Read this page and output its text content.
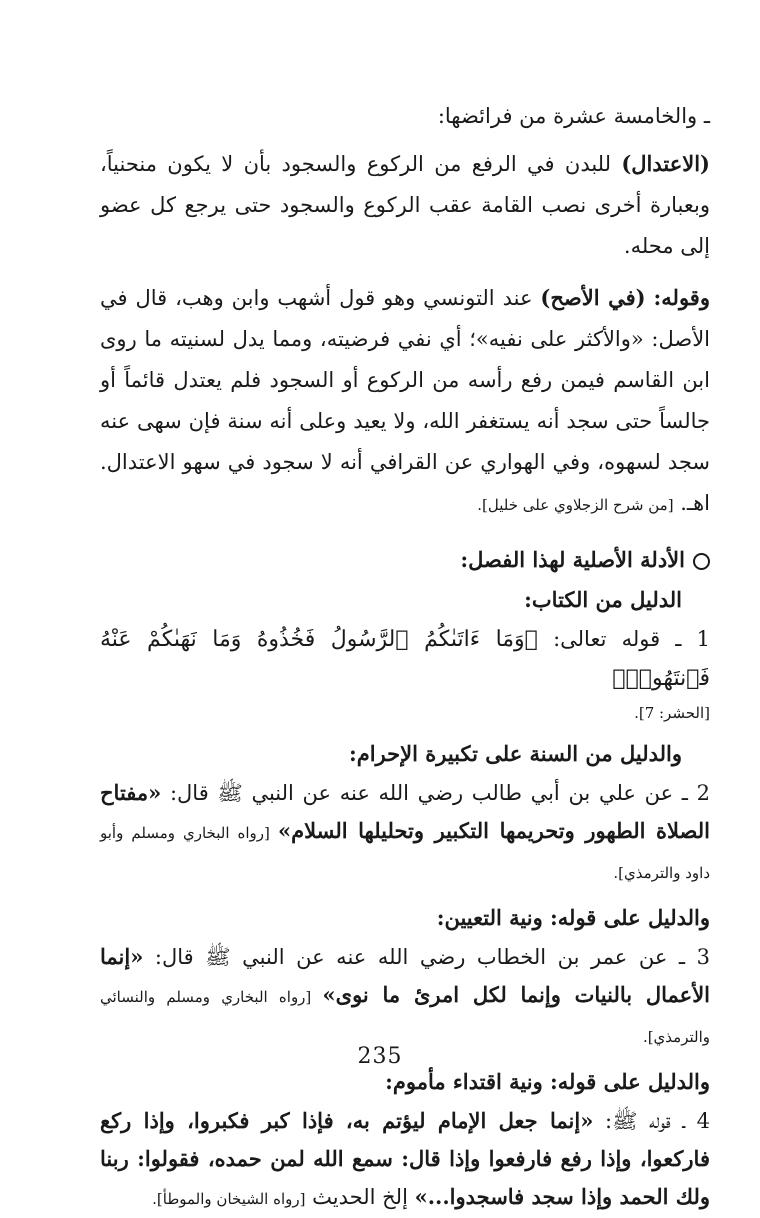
ـ والخامسة عشرة من فرائضها:

(الاعتدال) للبدن في الرفع من الركوع والسجود بأن لا يكون منحنياً، وبعبارة أخرى نصب القامة عقب الركوع والسجود حتى يرجع كل عضو إلى محله.

وقوله: (في الأصح) عند التونسي وهو قول أشهب وابن وهب، قال في الأصل: «والأكثر على نفيه»؛ أي نفي فرضيته، ومما يدل لسنيته ما روى ابن القاسم فيمن رفع رأسه من الركوع أو السجود فلم يعتدل قائماً أو جالساً حتى سجد أنه يستغفر الله، ولا يعيد وعلى أنه سنة فإن سهى عنه سجد لسهوه، وفي الهواري عن القرافي أنه لا سجود في سهو الاعتدال. اهـ. [من شرح الزجلاوي على خليل].

الأدلة الأصلية لهذا الفصل:

الدليل من الكتاب:

1 ـ قوله تعالى: ﴿وَمَا ءَاتَىٰكُمُ ٱلرَّسُولُ فَخُذُوهُ وَمَا نَهَىٰكُمْ عَنْهُ فَٱنتَهُوا۟﴾

[الحشر: 7].

والدليل من السنة على تكبيرة الإحرام:

2 ـ عن علي بن أبي طالب رضي الله عنه عن النبي ﷺ قال: «مفتاح الصلاة الطهور وتحريمها التكبير وتحليلها السلام» [رواه البخاري ومسلم وأبو داود والترمذي].

والدليل على قوله: ونية التعيين:

3 ـ عن عمر بن الخطاب رضي الله عنه عن النبي ﷺ قال: «إنما الأعمال بالنيات وإنما لكل امرئ ما نوى» [رواه البخاري ومسلم والنسائي والترمذي].

والدليل على قوله: ونية اقتداء مأموم:

4 ـ قوله ﷺ: «إنما جعل الإمام ليؤتم به، فإذا كبر فكبروا، وإذا ركع فاركعوا، وإذا رفع فارفعوا وإذا قال: سمع الله لمن حمده، فقولوا: ربنا ولك الحمد وإذا سجد فاسجدوا...» إلخ الحديث [رواه الشيخان والموطأ].

235
